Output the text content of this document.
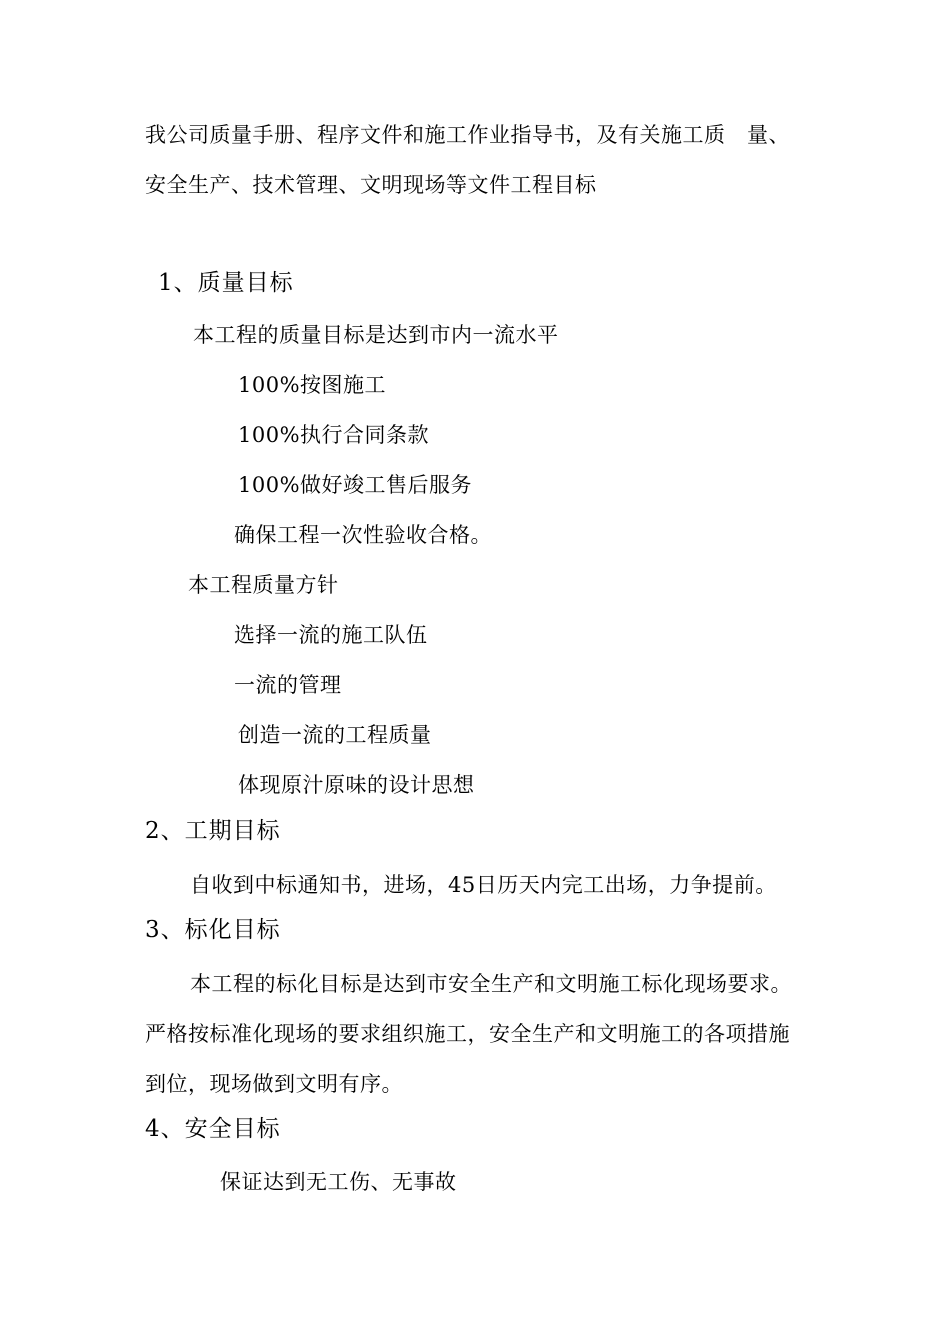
我公司质量手册、程序文件和施工作业指导书，及有关施工质　量、
安全生产、技术管理、文明现场等文件工程目标
1、质量目标
本工程的质量目标是达到市内一流水平
100%按图施工
100%执行合同条款
100%做好竣工售后服务
确保工程一次性验收合格。
本工程质量方针
选择一流的施工队伍
一流的管理
创造一流的工程质量
体现原汁原味的设计思想
2、工期目标
自收到中标通知书，进场，45日历天内完工出场，力争提前。
3、标化目标
本工程的标化目标是达到市安全生产和文明施工标化现场要求。
严格按标准化现场的要求组织施工，安全生产和文明施工的各项措施
到位，现场做到文明有序。
4、安全目标
保证达到无工伤、无事故
